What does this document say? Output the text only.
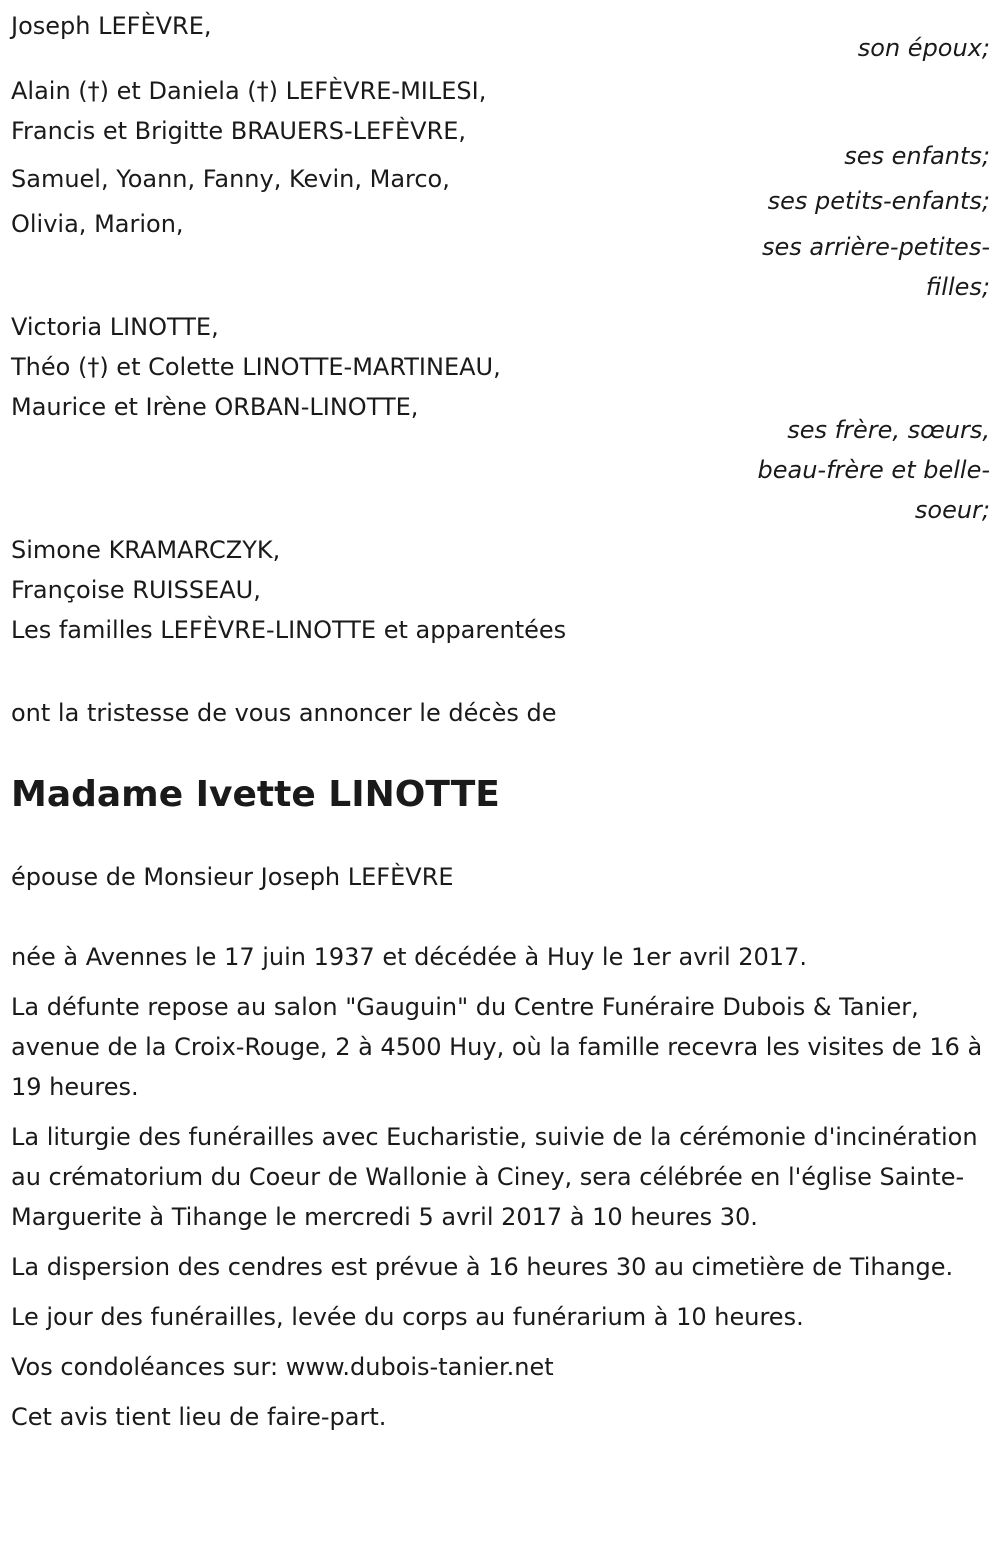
Joseph LEFÈVRE,
son époux;
Alain (†) et Daniela (†) LEFÈVRE-MILESI,
Francis et Brigitte BRAUERS-LEFÈVRE,
ses enfants;
Samuel, Yoann, Fanny, Kevin, Marco,
ses petits-enfants;
Olivia, Marion,
ses arrière-petites-
filles;
Victoria LINOTTE,
Théo (†) et Colette LINOTTE-MARTINEAU,
Maurice et Irène ORBAN-LINOTTE,
ses frère, sœurs,
beau-frère et belle-
soeur;
Simone KRAMARCZYK,
Françoise RUISSEAU,
Les familles LEFÈVRE-LINOTTE et apparentées
ont la tristesse de vous annoncer le décès de
Madame Ivette LINOTTE
épouse de Monsieur Joseph LEFÈVRE
née à Avennes le 17 juin 1937 et décédée à Huy le 1er avril 2017.
La défunte repose au salon "Gauguin" du Centre Funéraire Dubois & Tanier, avenue de la Croix-Rouge, 2 à 4500 Huy, où la famille recevra les visites de 16 à 19 heures.
La liturgie des funérailles avec Eucharistie, suivie de la cérémonie d'incinération au crématorium du Coeur de Wallonie à Ciney, sera célébrée en l'église Sainte-Marguerite à Tihange le mercredi 5 avril 2017 à 10 heures 30.
La dispersion des cendres est prévue à 16 heures 30 au cimetière de Tihange.
Le jour des funérailles, levée du corps au funérarium à 10 heures.
Vos condoléances sur: www.dubois-tanier.net
Cet avis tient lieu de faire-part.
